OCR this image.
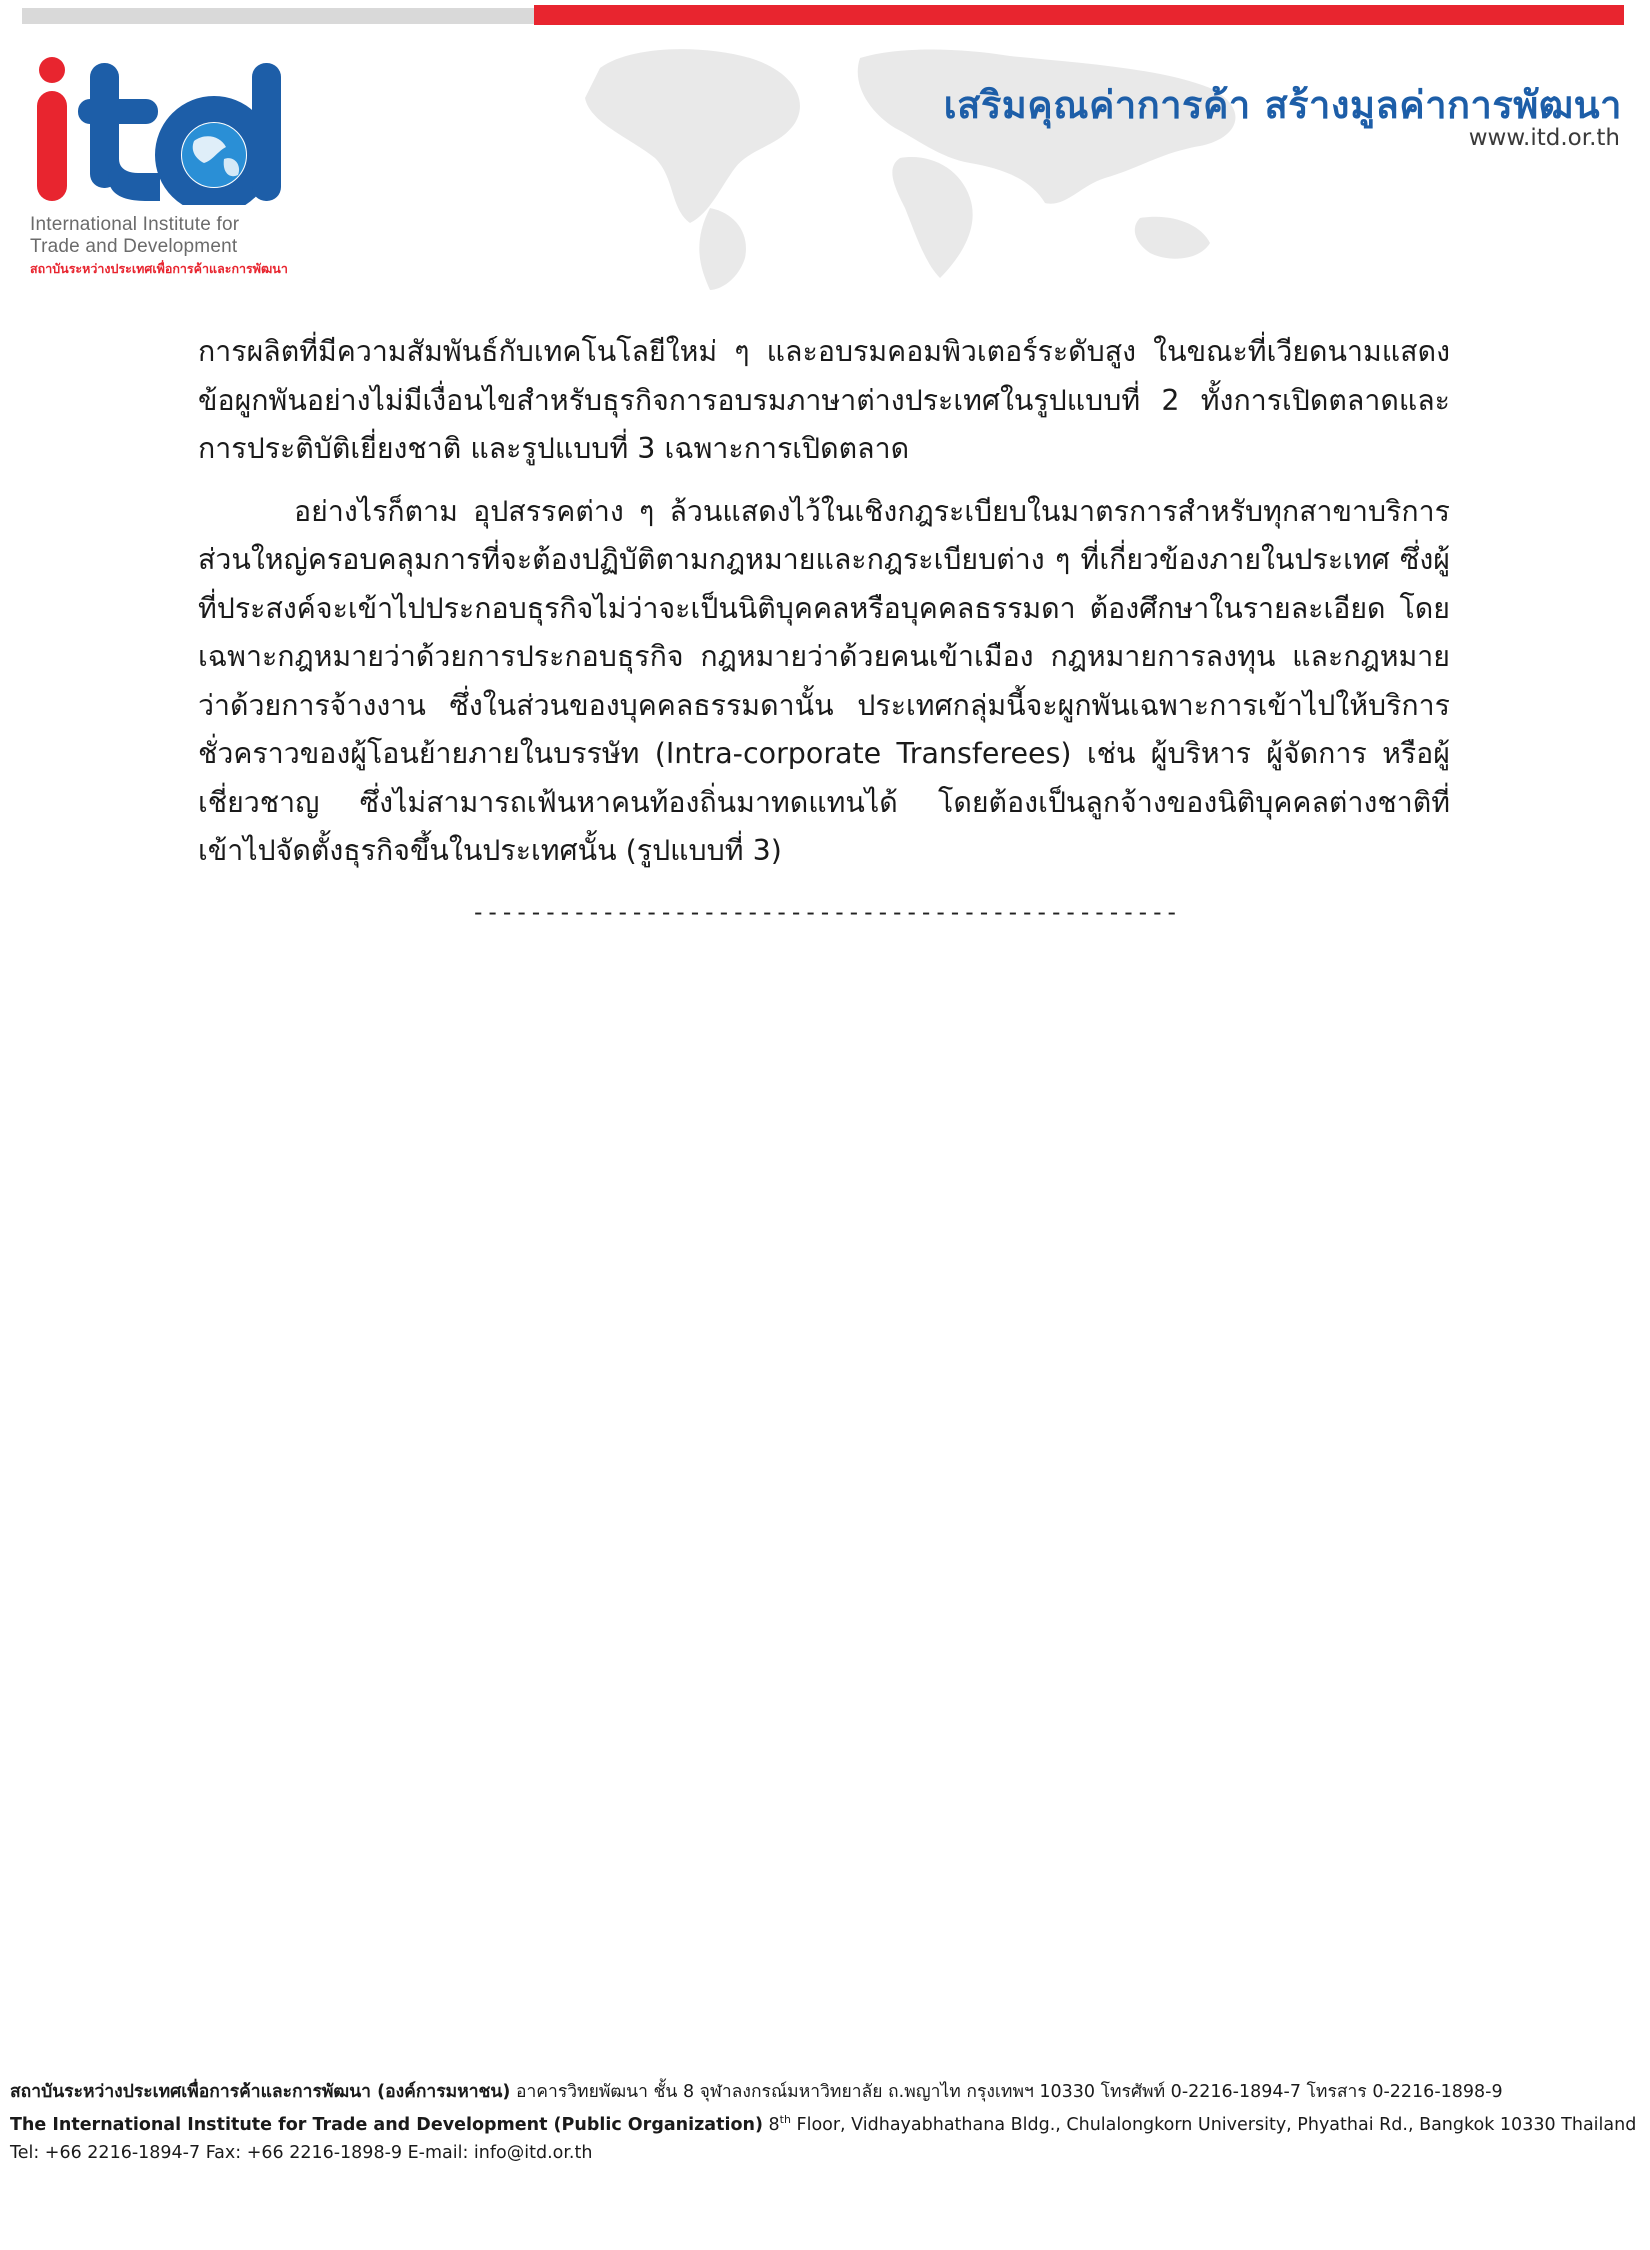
International Institute for
Trade and Development
สถาบันระหว่างประเทศเพื่อการค้าและการพัฒนา
เสริมคุณค่าการค้า สร้างมูลค่าการพัฒนา
www.itd.or.th

การผลิตที่มีความสัมพันธ์กับเทคโนโลยีใหม่ ๆ และอบรมคอมพิวเตอร์ระดับสูง ในขณะที่เวียดนามแสดงข้อผูกพันอย่างไม่มีเงื่อนไขสำหรับธุรกิจการอบรมภาษาต่างประเทศในรูปแบบที่ 2 ทั้งการเปิดตลาดและการประติบัติเยี่ยงชาติ และรูปแบบที่ 3 เฉพาะการเปิดตลาด

อย่างไรก็ตาม อุปสรรคต่าง ๆ ล้วนแสดงไว้ในเชิงกฎระเบียบในมาตรการสำหรับทุกสาขาบริการ ส่วนใหญ่ครอบคลุมการที่จะต้องปฏิบัติตามกฎหมายและกฎระเบียบต่าง ๆ ที่เกี่ยวข้องภายในประเทศ ซึ่งผู้ที่ประสงค์จะเข้าไปประกอบธุรกิจไม่ว่าจะเป็นนิติบุคคลหรือบุคคลธรรมดา ต้องศึกษาในรายละเอียด โดยเฉพาะกฎหมายว่าด้วยการประกอบธุรกิจ กฎหมายว่าด้วยคนเข้าเมือง กฎหมายการลงทุน และกฎหมายว่าด้วยการจ้างงาน ซึ่งในส่วนของบุคคลธรรมดานั้น ประเทศกลุ่มนี้จะผูกพันเฉพาะการเข้าไปให้บริการชั่วคราวของผู้โอนย้ายภายในบรรษัท (Intra-corporate Transferees) เช่น ผู้บริหาร ผู้จัดการ หรือผู้เชี่ยวชาญ ซึ่งไม่สามารถเฟ้นหาคนท้องถิ่นมาทดแทนได้ โดยต้องเป็นลูกจ้างของนิติบุคคลต่างชาติที่เข้าไปจัดตั้งธุรกิจขึ้นในประเทศนั้น (รูปแบบที่ 3)

-------------------------------------------------
สถาบันระหว่างประเทศเพื่อการค้าและการพัฒนา (องค์การมหาชน) อาคารวิทยพัฒนา ชั้น 8 จุฬาลงกรณ์มหาวิทยาลัย ถ.พญาไท กรุงเทพฯ 10330 โทรศัพท์ 0-2216-1894-7 โทรสาร 0-2216-1898-9
The International Institute for Trade and Development (Public Organization) 8th Floor, Vidhayabhathana Bldg., Chulalongkorn University, Phyathai Rd., Bangkok 10330 Thailand
Tel: +66 2216-1894-7 Fax: +66 2216-1898-9 E-mail: info@itd.or.th
